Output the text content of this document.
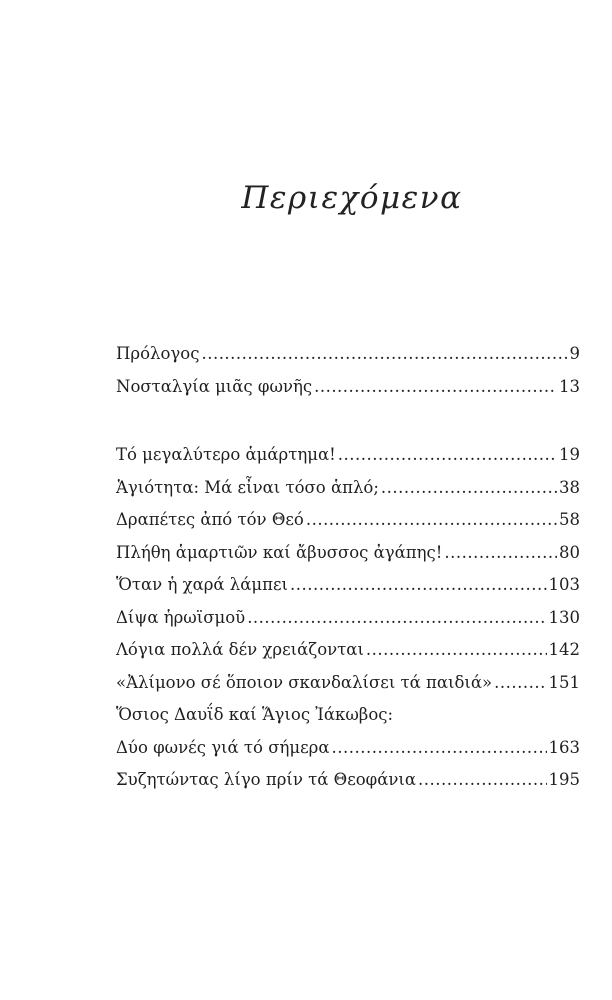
Περιεχόμενα
Πρόλογος .....	9
Νοσταλγία μιᾶς φωνῆς .....	13
Τό μεγαλύτερο ἁμάρτημα! .....	19
Ἁγιότητα: Μά εἶναι τόσο ἁπλό; .....	38
Δραπέτες ἀπό τόν Θεό .....	58
Πλήθη ἁμαρτιῶν καί ἄβυσσος ἀγάπης! .....	80
Ὅταν ἡ χαρά λάμπει .....	103
Δίψα ἡρωϊσμοῦ .....	130
Λόγια πολλά δέν χρειάζονται .....	142
«Ἀλίμονο σέ ὅποιον σκανδαλίσει τά παιδιά» .....	151
Ὅσιος Δαυΐδ καί Ἅγιος Ἰάκωβος:
Δύο φωνές γιά τό σήμερα .....	163
Συζητώντας λίγο πρίν τά Θεοφάνια .....	195
